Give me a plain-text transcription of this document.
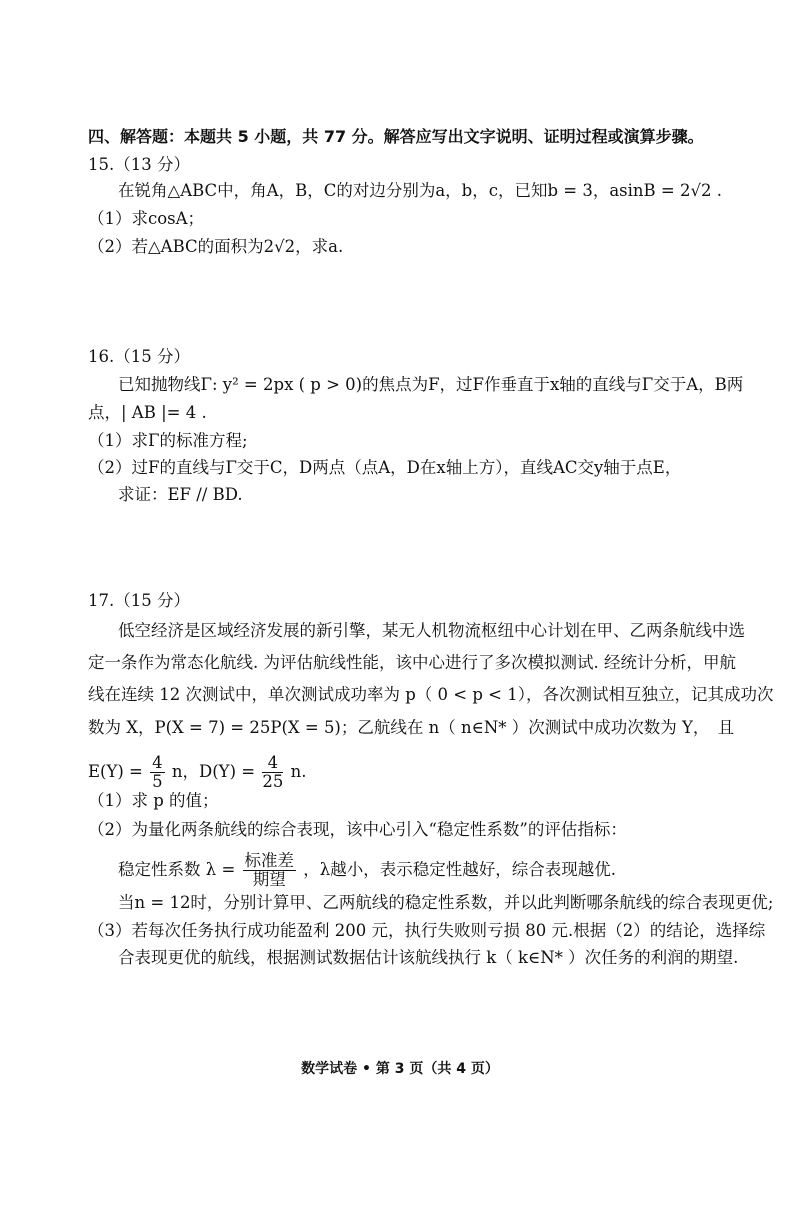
四、解答题：本题共 5 小题，共 77 分。解答应写出文字说明、证明过程或演算步骤。
15.（13 分）
在锐角△ABC中，角A，B，C的对边分别为a，b，c，已知b = 3，asinB = 2√2 .
（1）求cosA；
（2）若△ABC的面积为2√2，求a.
16.（15 分）
已知抛物线Γ: y² = 2px ( p > 0)的焦点为F，过F作垂直于x轴的直线与Γ交于A，B两
点，| AB |= 4 .
（1）求Γ的标准方程;
（2）过F的直线与Γ交于C，D两点（点A，D在x轴上方），直线AC交y轴于点E，
求证：EF // BD.
17.（15 分）
低空经济是区域经济发展的新引擎，某无人机物流枢纽中心计划在甲、乙两条航线中选
定一条作为常态化航线. 为评估航线性能，该中心进行了多次模拟测试. 经统计分析，甲航
线在连续 12 次测试中，单次测试成功率为 p（ 0 < p < 1），各次测试相互独立，记其成功次
数为 X，P(X = 7) = 25P(X = 5)；乙航线在 n（ n∈N* ）次测试中成功次数为 Y，　且
$E(Y) = \frac{4}{5}$ n，$D(Y) = \frac{4}{25} n$.
（1）求 p 的值；
（2）为量化两条航线的综合表现，该中心引入“稳定性系数”的评估指标：
稳定性系数 $\lambda = \frac{\text{标准差}}{\text{期望}}$ ，λ越小，表示稳定性越好，综合表现越优.
当n = 12时，分别计算甲、乙两航线的稳定性系数，并以此判断哪条航线的综合表现更优;
（3）若每次任务执行成功能盈利 200 元，执行失败则亏损 80 元.根据（2）的结论，选择综
合表现更优的航线，根据测试数据估计该航线执行 k（ k∈N* ）次任务的利润的期望.
数学试卷 • 第 3 页（共 4 页）
